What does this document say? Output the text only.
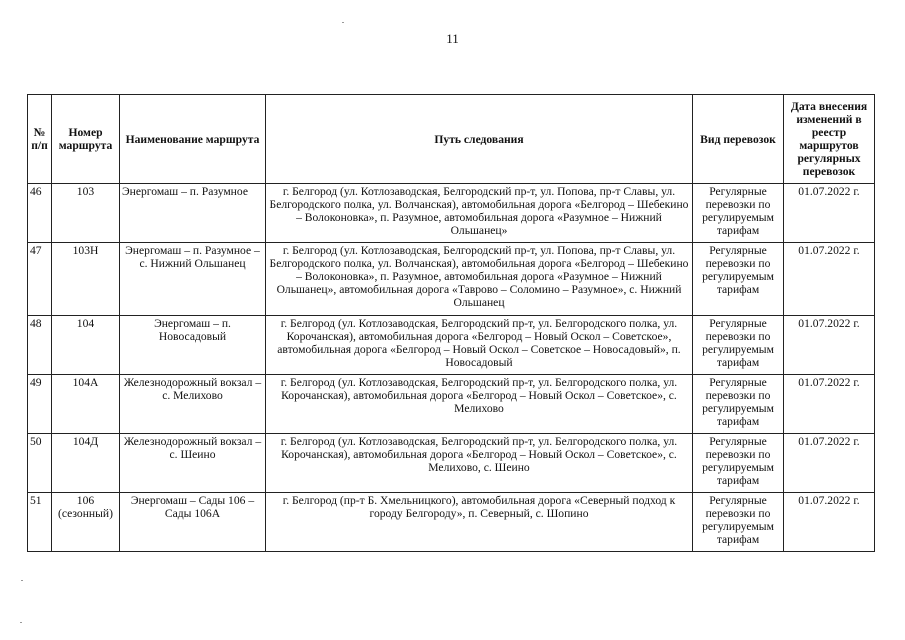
11
№ п/п	Номер маршрута	Наименование маршрута	Путь следования	Вид перевозок	Дата внесения изменений в реестр маршрутов регулярных перевозок
46	103	Энергомаш – п. Разумное	г. Белгород (ул. Котлозаводская, Белгородский пр-т, ул. Попова, пр-т Славы, ул. Белгородского полка, ул. Волчанская), автомобильная дорога «Белгород – Шебекино – Волоконовка», п. Разумное, автомобильная дорога «Разумное – Нижний Ольшанец»	Регулярные перевозки по регулируемым тарифам	01.07.2022 г.
47	103Н	Энергомаш – п. Разумное – с. Нижний Ольшанец	г. Белгород (ул. Котлозаводская, Белгородский пр-т, ул. Попова, пр-т Славы, ул. Белгородского полка, ул. Волчанская), автомобильная дорога «Белгород – Шебекино – Волоконовка», п. Разумное, автомобильная дорога «Разумное – Нижний Ольшанец», автомобильная дорога «Таврово – Соломино – Разумное», с. Нижний Ольшанец	Регулярные перевозки по регулируемым тарифам	01.07.2022 г.
48	104	Энергомаш – п. Новосадовый	г. Белгород (ул. Котлозаводская, Белгородский пр-т, ул. Белгородского полка, ул. Корочанская), автомобильная дорога «Белгород – Новый Оскол – Советское», автомобильная дорога «Белгород – Новый Оскол – Советское – Новосадовый», п. Новосадовый	Регулярные перевозки по регулируемым тарифам	01.07.2022 г.
49	104А	Железнодорожный вокзал – с. Мелихово	г. Белгород (ул. Котлозаводская, Белгородский пр-т, ул. Белгородского полка, ул. Корочанская), автомобильная дорога «Белгород – Новый Оскол – Советское», с. Мелихово	Регулярные перевозки по регулируемым тарифам	01.07.2022 г.
50	104Д	Железнодорожный вокзал – с. Шеино	г. Белгород (ул. Котлозаводская, Белгородский пр-т, ул. Белгородского полка, ул. Корочанская), автомобильная дорога «Белгород – Новый Оскол – Советское», с. Мелихово, с. Шеино	Регулярные перевозки по регулируемым тарифам	01.07.2022 г.
51	106 (сезонный)	Энергомаш – Сады 106 – Сады 106А	г. Белгород (пр-т Б. Хмельницкого), автомобильная дорога «Северный подход к городу Белгороду», п. Северный, с. Шопино	Регулярные перевозки по регулируемым тарифам	01.07.2022 г.
